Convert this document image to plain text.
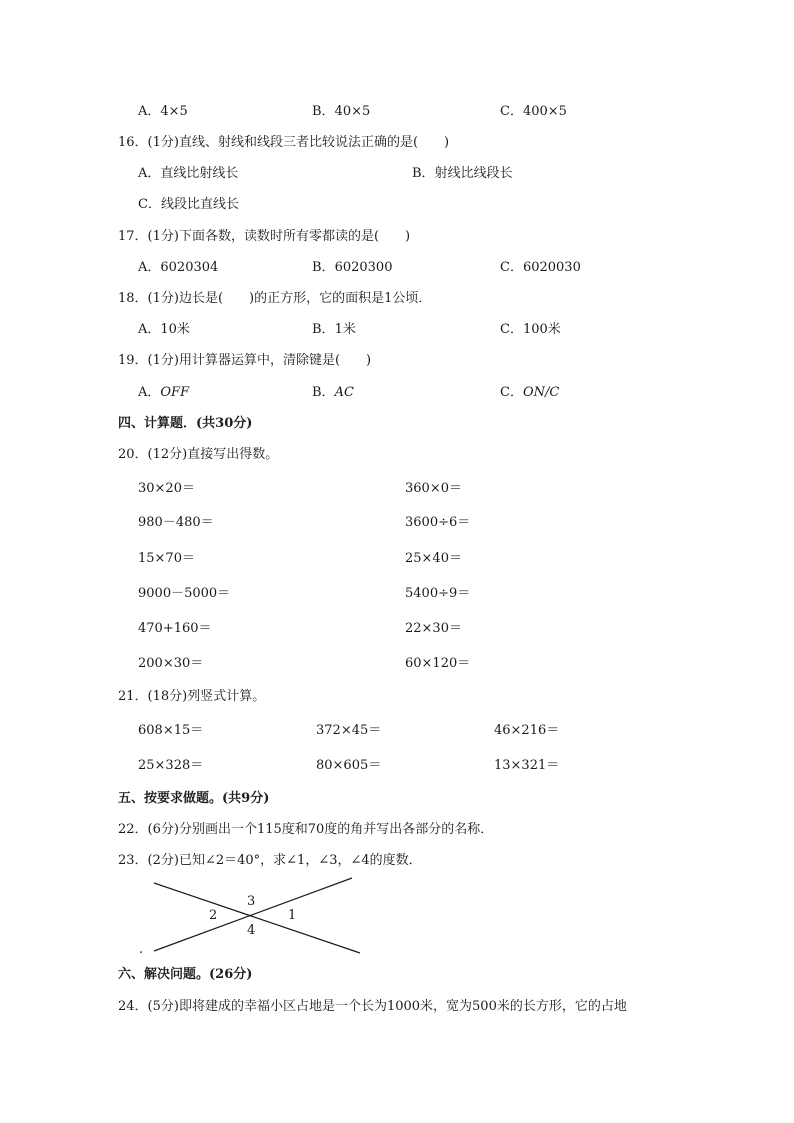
A．4×5	B．40×5	C．400×5
16．(1分)直线、射线和线段三者比较说法正确的是(　　)
A．直线比射线长	B．射线比线段长
C．线段比直线长
17．(1分)下面各数，读数时所有零都读的是(　　)
A．6020304	B．6020300	C．6020030
18．(1分)边长是(　　)的正方形，它的面积是1公顷．
A．10米	B．1米	C．100米
19．(1分)用计算器运算中，清除键是(　　)
A．OFF	B．AC	C．ON/C
四、计算题．(共30分)
20．(12分)直接写出得数。
30×20＝	360×0＝
980－480＝	3600÷6＝
15×70＝	25×40＝
9000－5000＝	5400÷9＝
470+160＝	22×30＝
200×30＝	60×120＝
21．(18分)列竖式计算。
608×15＝	372×45＝	46×216＝
25×328＝	80×605＝	13×321＝
五、按要求做题。(共9分)
22．(6分)分别画出一个115度和70度的角并写出各部分的名称．
23．(2分)已知∠2＝40°，求∠1，∠3，∠4的度数．
3
2	1
4
.
六、解决问题。(26分)
24．(5分)即将建成的幸福小区占地是一个长为1000米，宽为500米的长方形，它的占地
